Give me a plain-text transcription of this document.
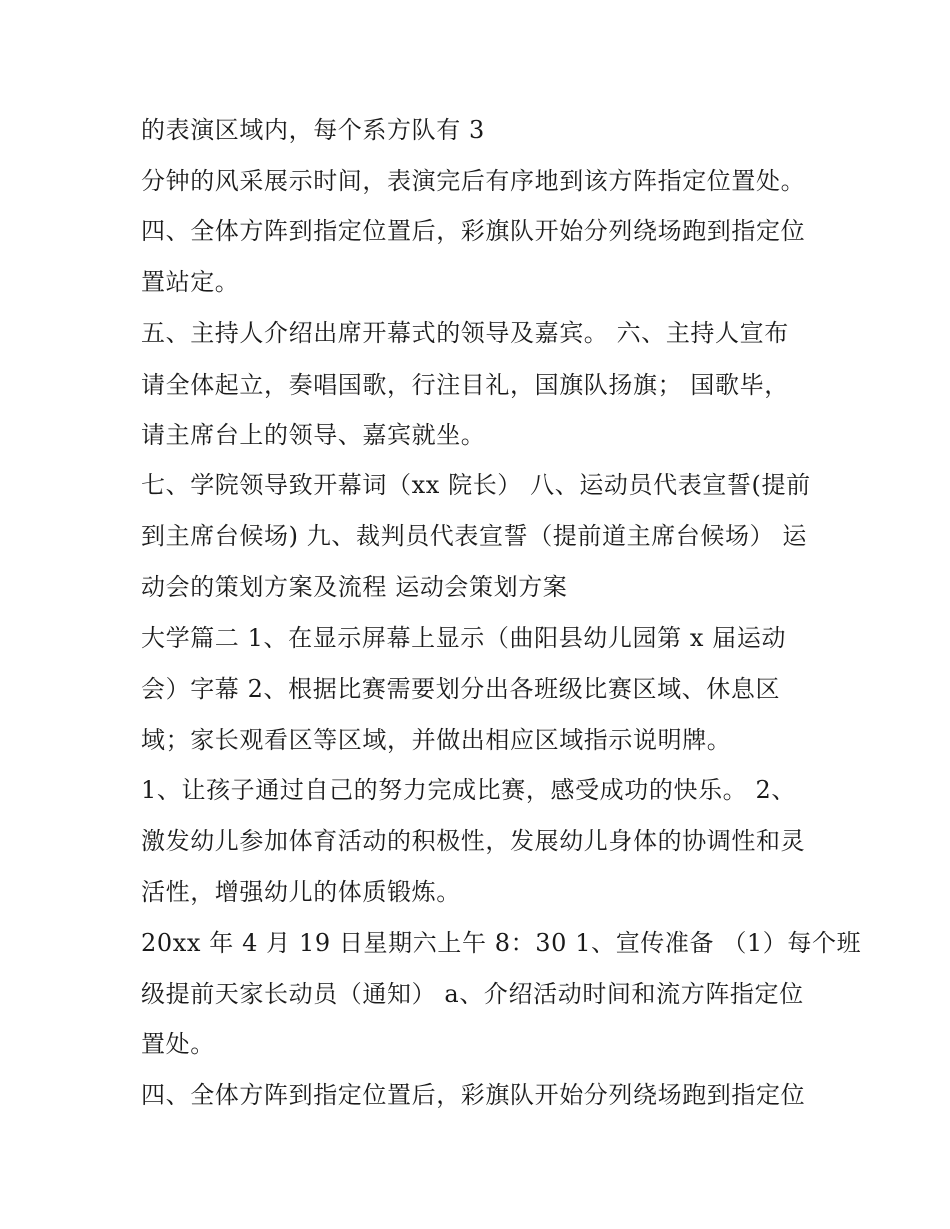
的表演区域内，每个系方队有 3
分钟的风采展示时间，表演完后有序地到该方阵指定位置处。
四、全体方阵到指定位置后，彩旗队开始分列绕场跑到指定位
置站定。
五、主持人介绍出席开幕式的领导及嘉宾。 六、主持人宣布
请全体起立，奏唱国歌，行注目礼，国旗队扬旗； 国歌毕，
请主席台上的领导、嘉宾就坐。
七、学院领导致开幕词（xx 院长） 八、运动员代表宣誓(提前
到主席台候场) 九、裁判员代表宣誓（提前道主席台候场） 运
动会的策划方案及流程 运动会策划方案
大学篇二 1、在显示屏幕上显示（曲阳县幼儿园第 x 届运动
会）字幕 2、根据比赛需要划分出各班级比赛区域、休息区
域；家长观看区等区域，并做出相应区域指示说明牌。
1、让孩子通过自己的努力完成比赛，感受成功的快乐。 2、
激发幼儿参加体育活动的积极性，发展幼儿身体的协调性和灵
活性，增强幼儿的体质锻炼。
20xx 年 4 月 19 日星期六上午 8：30 1、宣传准备 （1）每个班
级提前天家长动员（通知） a、介绍活动时间和流方阵指定位
置处。
四、全体方阵到指定位置后，彩旗队开始分列绕场跑到指定位
